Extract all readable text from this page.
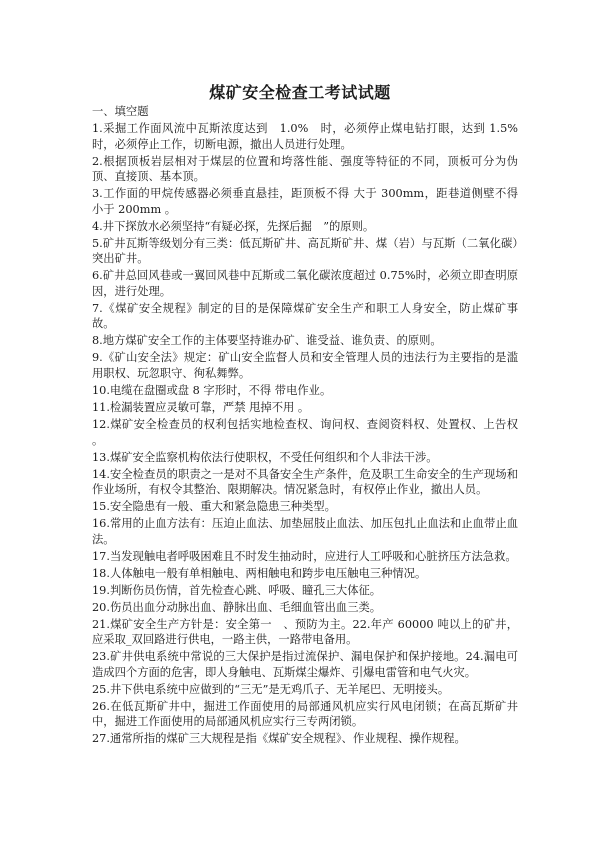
煤矿安全检查工考试试题

一、填空题

1.采掘工作面风流中瓦斯浓度达到　1.0%　时，必须停止煤电钻打眼，达到 1.5% 时，必须停止工作，切断电源，撤出人员进行处理。

2.根据顶板岩层相对于煤层的位置和垮落性能、强度等特征的不同，顶板可分为伪顶、直接顶、基本顶。

3.工作面的甲烷传感器必须垂直悬挂，距顶板不得 大于 300mm，距巷道侧壁不得 小于 200mm 。

4.井下探放水必须坚持“有疑必探，先探后掘　”的原则。

5.矿井瓦斯等级划分有三类：低瓦斯矿井、高瓦斯矿井、煤（岩）与瓦斯（二氧化碳）突出矿井。

6.矿井总回风巷或一翼回风巷中瓦斯或二氧化碳浓度超过 0.75%时，必须立即查明原因，进行处理。

7.《煤矿安全规程》制定的目的是保障煤矿安全生产和职工人身安全，防止煤矿事故。

8.地方煤矿安全工作的主体要坚持谁办矿、谁受益、谁负责、的原则。

9.《矿山安全法》规定：矿山安全监督人员和安全管理人员的违法行为主要指的是滥用职权、玩忽职守、徇私舞弊。

10.电缆在盘圈或盘 8 字形时，不得 带电作业。

11.检漏装置应灵敏可靠，严禁 甩掉不用 。

12.煤矿安全检查员的权利包括实地检查权、询问权、查阅资料权、处置权、上告权 。

13.煤矿安全监察机构依法行使职权，不受任何组织和个人非法干涉。

14.安全检查员的职责之一是对不具备安全生产条件，危及职工生命安全的生产现场和作业场所，有权令其整治、限期解决。情况紧急时，有权停止作业，撤出人员。

15.安全隐患有一般、重大和紧急隐患三种类型。

16.常用的止血方法有：压迫止血法、加垫屈肢止血法、加压包扎止血法和止血带止血法。

17.当发现触电者呼吸困难且不时发生抽动时，应进行人工呼吸和心脏挤压方法急救。

18.人体触电一般有单相触电、两相触电和跨步电压触电三种情况。

19.判断伤员伤情，首先检查心跳、呼吸、瞳孔三大体征。

20.伤员出血分动脉出血、静脉出血、毛细血管出血三类。

21.煤矿安全生产方针是：安全第一　、预防为主。22.年产 60000 吨以上的矿井，应采取_双回路进行供电，一路主供，一路带电备用。

23.矿井供电系统中常说的三大保护是指过流保护、漏电保护和保护接地。24.漏电可造成四个方面的危害，即人身触电、瓦斯煤尘爆炸、引爆电雷管和电气火灾。

25.井下供电系统中应做到的“三无”是无鸡爪子、无羊尾巴、无明接头。

26.在低瓦斯矿井中，掘进工作面使用的局部通风机应实行风电闭锁；在高瓦斯矿井中，掘进工作面使用的局部通风机应实行三专两闭锁。

27.通常所指的煤矿三大规程是指《煤矿安全规程》、作业规程、操作规程。
